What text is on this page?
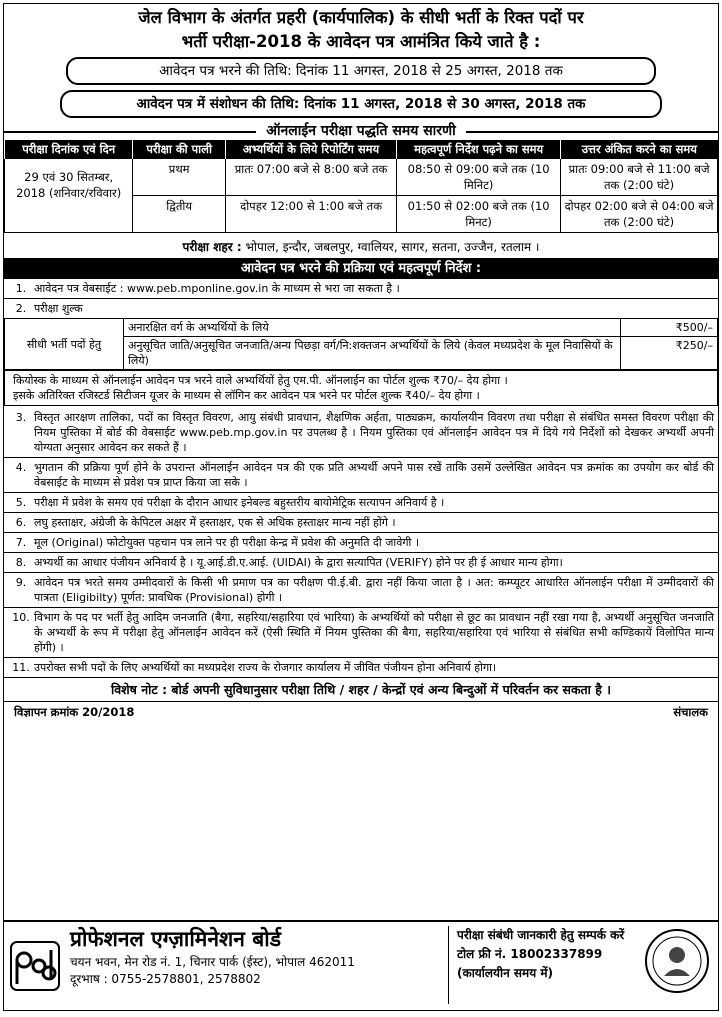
जेल विभाग के अंतर्गत प्रहरी (कार्यपालिक) के सीधी भर्ती के रिक्त पदों पर
भर्ती परीक्षा-2018 के आवेदन पत्र आमंत्रित किये जाते है :
आवेदन पत्र भरने की तिथि: दिनांक 11 अगस्त, 2018 से 25 अगस्त, 2018 तक
आवेदन पत्र में संशोधन की तिथि: दिनांक 11 अगस्त, 2018 से 30 अगस्त, 2018 तक
ऑनलाईन परीक्षा पद्धति समय सारणी
परीक्षा दिनांक एवं दिन	परीक्षा की पाली	अभ्यर्थियों के लिये रिपोर्टिंग समय	महत्वपूर्ण निर्देश पढ़ने का समय	उत्तर अंकित करने का समय
29 एवं 30 सितम्बर, 2018 (शनिवार/रविवार)	प्रथम	प्रातः 07:00 बजे से 8:00 बजे तक	08:50 से 09:00 बजे तक (10 मिनिट)	प्रातः 09:00 बजे से 11:00 बजे तक (2:00 घंटे)
	द्वितीय	दोपहर 12:00 से 1:00 बजे तक	01:50 से 02:00 बजे तक (10 मिनट)	दोपहर 02:00 बजे से 04:00 बजे तक (2:00 घंटे)
परीक्षा शहर : भोपाल, इन्दौर, जबलपुर, ग्वालियर, सागर, सतना, उज्जैन, रतलाम ।
आवेदन पत्र भरने की प्रक्रिया एवं महत्वपूर्ण निर्देश :
1. आवेदन पत्र वेबसाईट : www.peb.mponline.gov.in के माध्यम से भरा जा सकता है ।
2. परीक्षा शुल्क
सीधी भर्ती पदों हेतु	अनारक्षित वर्ग के अभ्यर्थियों के लिये	₹500/–
	अनुसूचित जाति/अनुसूचित जनजाति/अन्य पिछड़ा वर्ग/नि:शक्तजन अभ्यर्थियों के लिये (केवल मध्यप्रदेश के मूल निवासियों के लिये)	₹250/–
कियोस्क के माध्यम से ऑनलाईन आवेदन पत्र भरने वाले अभ्यर्थियों हेतु एम.पी. ऑनलाईन का पोर्टल शुल्क ₹70/– देय होगा ।
इसके अतिरिक्त रजिस्टर्ड सिटीजन यूजर के माध्यम से लॉगिन कर आवेदन पत्र भरने पर पोर्टल शुल्क ₹40/– देय होगा ।
3. विस्तृत आरक्षण तालिका, पदों का विस्तृत विवरण, आयु संबंधी प्रावधान, शैक्षणिक अर्हता, पाठ्यक्रम, कार्यालयीन विवरण तथा परीक्षा से संबंधित समस्त विवरण परीक्षा की नियम पुस्तिका में बोर्ड की वेबसाईट www.peb.mp.gov.in पर उपलब्ध है । नियम पुस्तिका एवं ऑनलाईन आवेदन पत्र में दिये गये निर्देशों को देखकर अभ्यर्थी अपनी योग्यता अनुसार आवेदन कर सकते हैं ।
4. भुगतान की प्रक्रिया पूर्ण होने के उपरान्त ऑनलाईन आवेदन पत्र की एक प्रति अभ्यर्थी अपने पास रखें ताकि उसमें उल्लेखित आवेदन पत्र क्रमांक का उपयोग कर बोर्ड की वेबसाईट के माध्यम से प्रवेश पत्र प्राप्त किया जा सके ।
5. परीक्षा में प्रवेश के समय एवं परीक्षा के दौरान आधार इनेबल्ड बहुस्तरीय बायोमेट्रिक सत्यापन अनिवार्य है ।
6. लघु हस्ताक्षर, अंग्रेजी के केपिटल अक्षर में हस्ताक्षर, एक से अधिक हस्ताक्षर मान्य नहीं होंगे ।
7. मूल (Original) फोटोयुक्त पहचान पत्र लाने पर ही परीक्षा केन्द्र में प्रवेश की अनुमति दी जावेगी ।
8. अभ्यर्थी का आधार पंजीयन अनिवार्य है । यू.आई.डी.ए.आई. (UIDAI) के द्वारा सत्यापित (VERIFY) होने पर ही ई आधार मान्य होगा।
9. आवेदन पत्र भरते समय उम्मीदवारों के किसी भी प्रमाण पत्र का परीक्षण पी.ई.बी. द्वारा नहीं किया जाता है । अत: कम्प्यूटर आधारित ऑनलाईन परीक्षा में उम्मीदवारों की पात्रता (Eligibilty) पूर्णत: प्रावधिक (Provisional) होगी ।
10. विभाग के पद पर भर्ती हेतु आदिम जनजाति (बैगा, सहरिया/सहारिया एवं भारिया) के अभ्यर्थियों को परीक्षा से छूट का प्रावधान नहीं रखा गया है, अभ्यर्थी अनुसूचित जनजाति के अभ्यर्थी के रूप में परीक्षा हेतु ऑनलाईन आवेदन करें (ऐसी स्थिति में नियम पुस्तिका की बैगा, सहरिया/सहारिया एवं भारिया से संबंधित सभी कण्डिकायें विलोपित मान्य होंगी) ।
11. उपरोक्त सभी पदों के लिए अभ्यर्थियों का मध्यप्रदेश राज्य के रोजगार कार्यालय में जीवित पंजीयन होना अनिवार्य होगा।
विशेष नोट : बोर्ड अपनी सुविधानुसार परीक्षा तिथि / शहर / केन्द्रों एवं अन्य बिन्दुओं में परिवर्तन कर सकता है ।
विज्ञापन क्रमांक 20/2018	संचालक
प्रोफेशनल एग्ज़ामिनेशन बोर्ड
चयन भवन, मेन रोड नं. 1, चिनार पार्क (ईस्ट), भोपाल 462011
दूरभाष : 0755-2578801, 2578802
परीक्षा संबंधी जानकारी हेतु सम्पर्क करें
टोल फ्री नं. 18002337899
(कार्यालयीन समय में)
